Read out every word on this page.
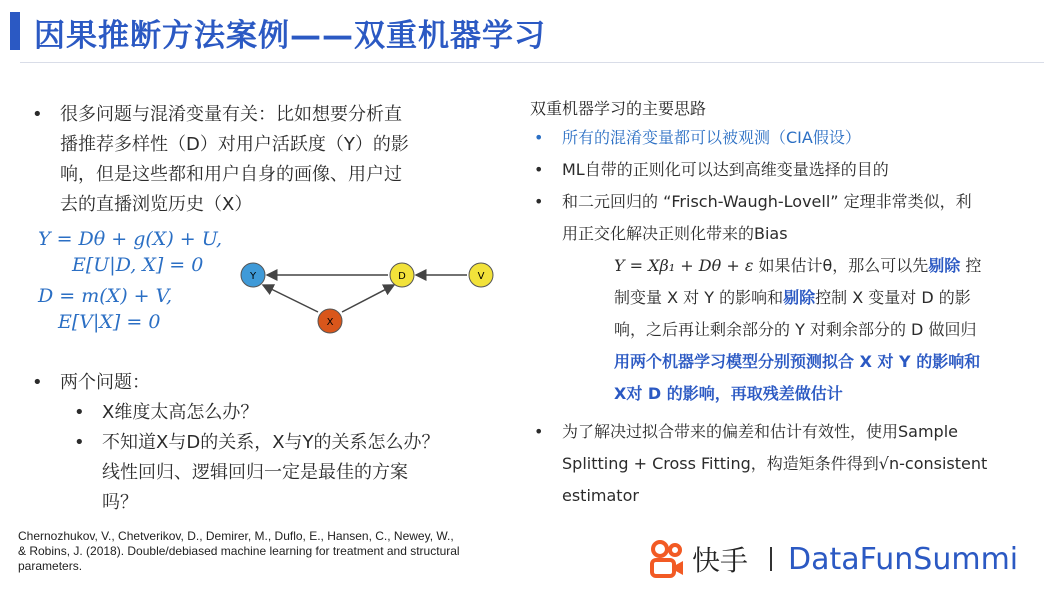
因果推断方法案例——双重机器学习
• 很多问题与混淆变量有关：比如想要分析直
播推荐多样性（D）对用户活跃度（Y）的影
响，但是这些都和用户自身的画像、用户过
去的直播浏览历史（X）
Y = Dθ + g(X) + U,
E[U|D, X] = 0
D = m(X) + V,
E[V|X] = 0
Y	D	V
X
• 两个问题：
• X维度太高怎么办？
• 不知道X与D的关系，X与Y的关系怎么办？
线性回归、逻辑回归一定是最佳的方案
吗？
Chernozhukov, V., Chetverikov, D., Demirer, M., Duflo, E., Hansen, C., Newey, W.,
& Robins, J. (2018). Double/debiased machine learning for treatment and structural
parameters.
双重机器学习的主要思路
• 所有的混淆变量都可以被观测（CIA假设）
• ML自带的正则化可以达到高维变量选择的目的
• 和二元回归的 “Frisch-Waugh-Lovell” 定理非常类似，利
用正交化解决正则化带来的Bias
Y = Xβ₁ + Dθ + ε 如果估计θ，那么可以先剔除 控
制变量 X 对 Y 的影响和剔除控制 X 变量对 D 的影
响，之后再让剩余部分的 Y 对剩余部分的 D 做回归
用两个机器学习模型分别预测拟合 X 对 Y 的影响和
X对 D 的影响，再取残差做估计
• 为了解决过拟合带来的偏差和估计有效性，使用Sample
Splitting + Cross Fitting，构造矩条件得到√n-consistent
estimator
快手 DataFunSummi
